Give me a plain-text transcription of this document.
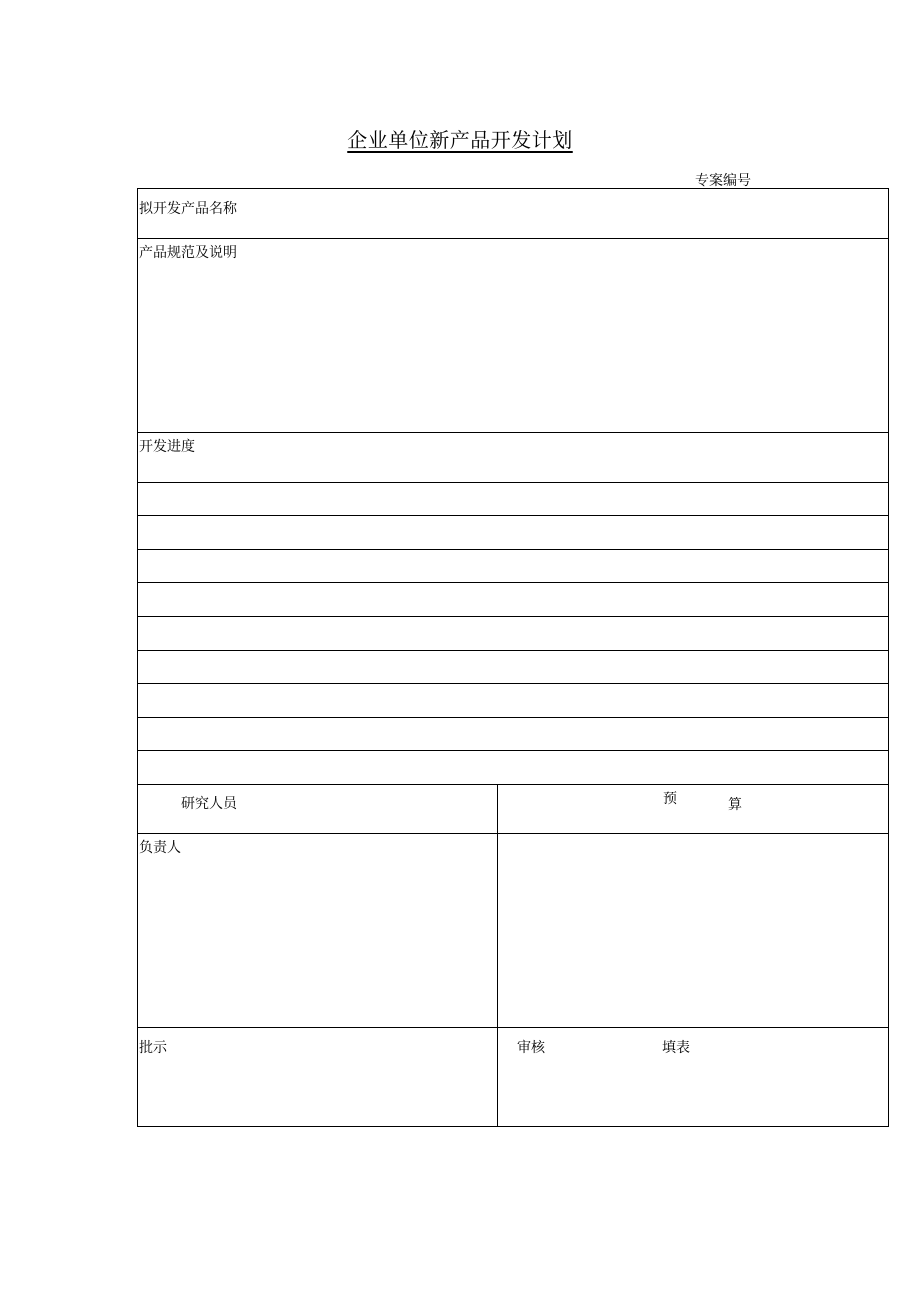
企业单位新产品开发计划
专案编号
拟开发产品名称
产品规范及说明
开发进度
研究人员	预	算
负责人
批示	审核	填表
